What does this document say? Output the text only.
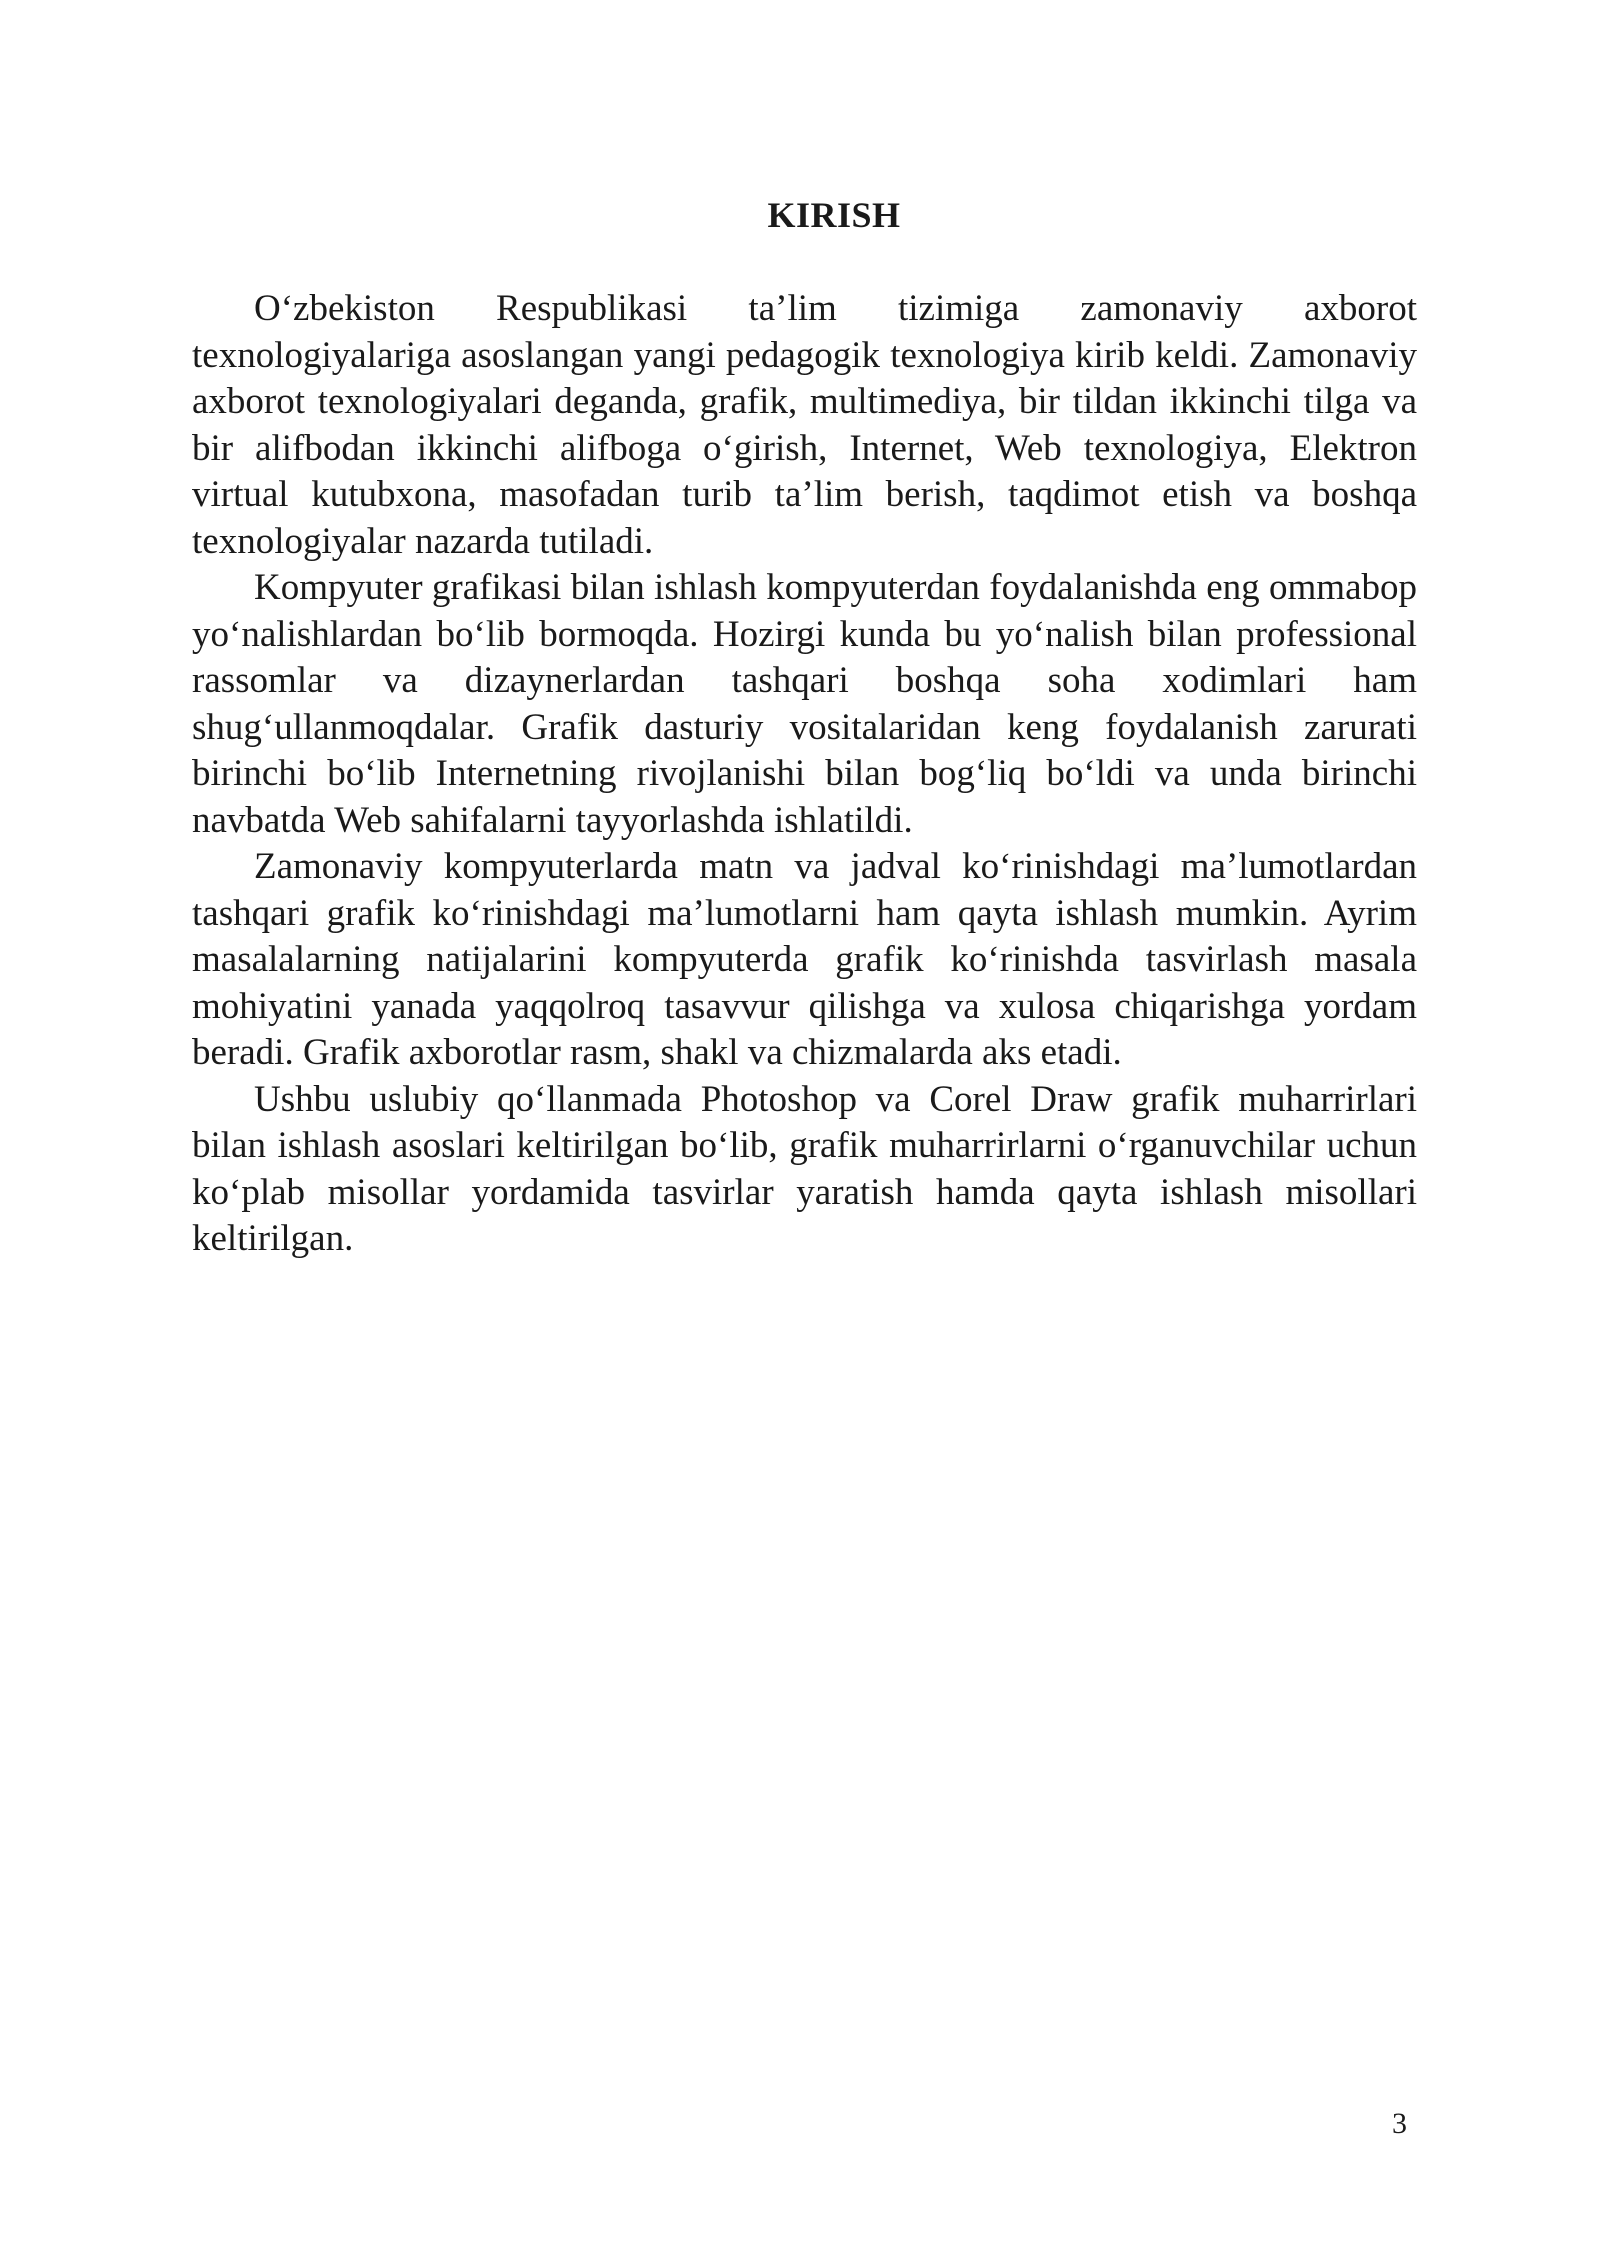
KIRISH

O‘zbekiston Respublikasi ta’lim tizimiga zamonaviy axborot texnologiyalariga asoslangan yangi pedagogik texnologiya kirib keldi. Zamonaviy axborot texnologiyalari deganda, grafik, multimediya, bir tildan ikkinchi tilga va bir alifbodan ikkinchi alifboga o‘girish, Internet, Web texnologiya, Elektron virtual kutubxona, masofadan turib ta’lim berish, taqdimot etish va boshqa texnologiyalar nazarda tutiladi.

Kompyuter grafikasi bilan ishlash kompyuterdan foydalanishda eng ommabop yo‘nalishlardan bo‘lib bormoqda. Hozirgi kunda bu yo‘nalish bilan professional rassomlar va dizaynerlardan tashqari boshqa soha xodimlari ham shug‘ullanmoqdalar. Grafik dasturiy vositalaridan keng foydalanish zarurati birinchi bo‘lib Internetning rivojlanishi bilan bog‘liq bo‘ldi va unda birinchi navbatda Web sahifalarni tayyorlashda ishlatildi.

Zamonaviy kompyuterlarda matn va jadval ko‘rinishdagi ma’lumotlardan tashqari grafik ko‘rinishdagi ma’lumotlarni ham qayta ishlash mumkin. Ayrim masalalarning natijalarini kompyuterda grafik ko‘rinishda tasvirlash masala mohiyatini yanada yaqqolroq tasavvur qilishga va xulosa chiqarishga yordam beradi. Grafik axborotlar rasm, shakl va chizmalarda aks etadi.

Ushbu uslubiy qo‘llanmada Photoshop va Corel Draw grafik muharrirlari bilan ishlash asoslari keltirilgan bo‘lib, grafik muharrirlarni o‘rganuvchilar uchun ko‘plab misollar yordamida tasvirlar yaratish hamda qayta ishlash misollari keltirilgan.

3
